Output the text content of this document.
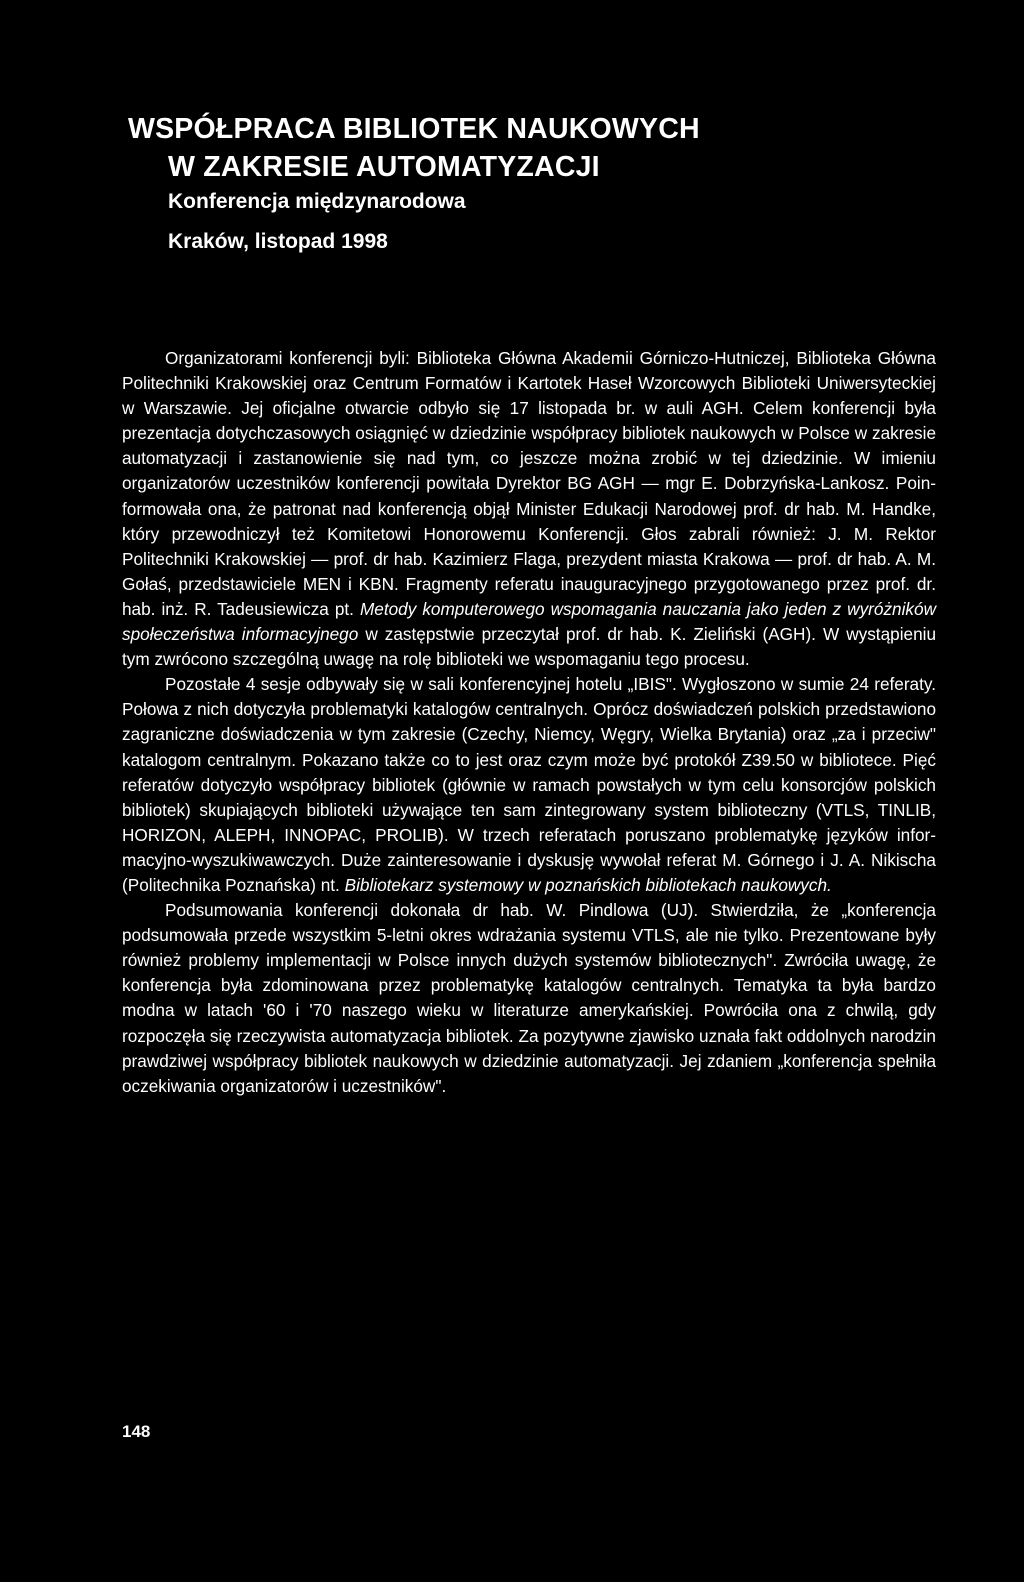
WSPÓŁPRACA BIBLIOTEK NAUKOWYCH
W ZAKRESIE AUTOMATYZACJI
Konferencja międzynarodowa
Kraków, listopad 1998

Organizatorami konferencji byli: Biblioteka Główna Akademii Górniczo-Hutniczej, Biblioteka Główna Politechniki Krakowskiej oraz Centrum Formatów i Kartotek Haseł Wzorcowych Biblioteki Uniwersyteckiej w Warszawie. Jej oficjalne otwarcie odbyło się 17 listopada br. w auli AGH. Celem konferencji była prezentacja dotychczasowych osiągnięć w dziedzinie współpracy bibliotek naukowych w Polsce w zakresie automatyzacji i zastanowienie się nad tym, co jeszcze można zrobić w tej dziedzinie. W imieniu organizatorów uczestników konferencji powitała Dyrektor BG AGH — mgr E. Dobrzyńska-Lankosz. Poinformowała ona, że patronat nad konferencją objął Minister Edukacji Narodowej prof. dr hab. M. Handke, który przewodniczył też Komitetowi Honorowemu Konferencji. Głos zabrali również: J. M. Rektor Politechniki Krakowskiej — prof. dr hab. Kazimierz Flaga, prezydent miasta Krakowa — prof. dr hab. A. M. Gołaś, przedstawiciele MEN i KBN. Fragmenty referatu inauguracyjnego przygotowanego przez prof. dr. hab. inż. R. Tadeusiewicza pt. Metody komputerowego wspomagania nauczania jako jeden z wyróżników społeczeństwa informacyjnego w zastępstwie przeczytał prof. dr hab. K. Zieliński (AGH). W wystąpieniu tym zwrócono szczególną uwagę na rolę biblioteki we wspomaganiu tego procesu.

Pozostałe 4 sesje odbywały się w sali konferencyjnej hotelu „IBIS". Wygłoszono w sumie 24 referaty. Połowa z nich dotyczyła problematyki katalogów centralnych. Oprócz doświadczeń polskich przedstawiono zagraniczne doświadczenia w tym zakresie (Czechy, Niemcy, Węgry, Wielka Brytania) oraz „za i przeciw" katalogom centralnym. Pokazano także co to jest oraz czym może być protokół Z39.50 w bibliotece. Pięć referatów dotyczyło współpracy bibliotek (głównie w ramach powstałych w tym celu konsorcjów polskich bibliotek) skupiających biblioteki używające ten sam zintegrowany system biblioteczny (VTLS, TINLIB, HORIZON, ALEPH, INNOPAC, PROLIB). W trzech referatach poruszano problematykę języków informacyjno-wyszukiwawczych. Duże zainteresowanie i dyskusję wywołał referat M. Górnego i J. A. Nikischa (Politechnika Poznańska) nt. Bibliotekarz systemowy w poznańskich bibliotekach naukowych.

Podsumowania konferencji dokonała dr hab. W. Pindlowa (UJ). Stwierdziła, że „konferencja podsumowała przede wszystkim 5-letni okres wdrażania systemu VTLS, ale nie tylko. Prezentowane były również problemy implementacji w Polsce innych dużych systemów bibliotecznych". Zwróciła uwagę, że konferencja była zdominowana przez problematykę katalogów centralnych. Tematyka ta była bardzo modna w latach '60 i '70 naszego wieku w literaturze amerykańskiej. Powróciła ona z chwilą, gdy rozpoczęła się rzeczywista automatyzacja bibliotek. Za pozytywne zjawisko uznała fakt oddolnych narodzin prawdziwej współpracy bibliotek naukowych w dziedzinie automatyzacji. Jej zdaniem „konferencja spełniła oczekiwania organizatorów i uczestników".

148
